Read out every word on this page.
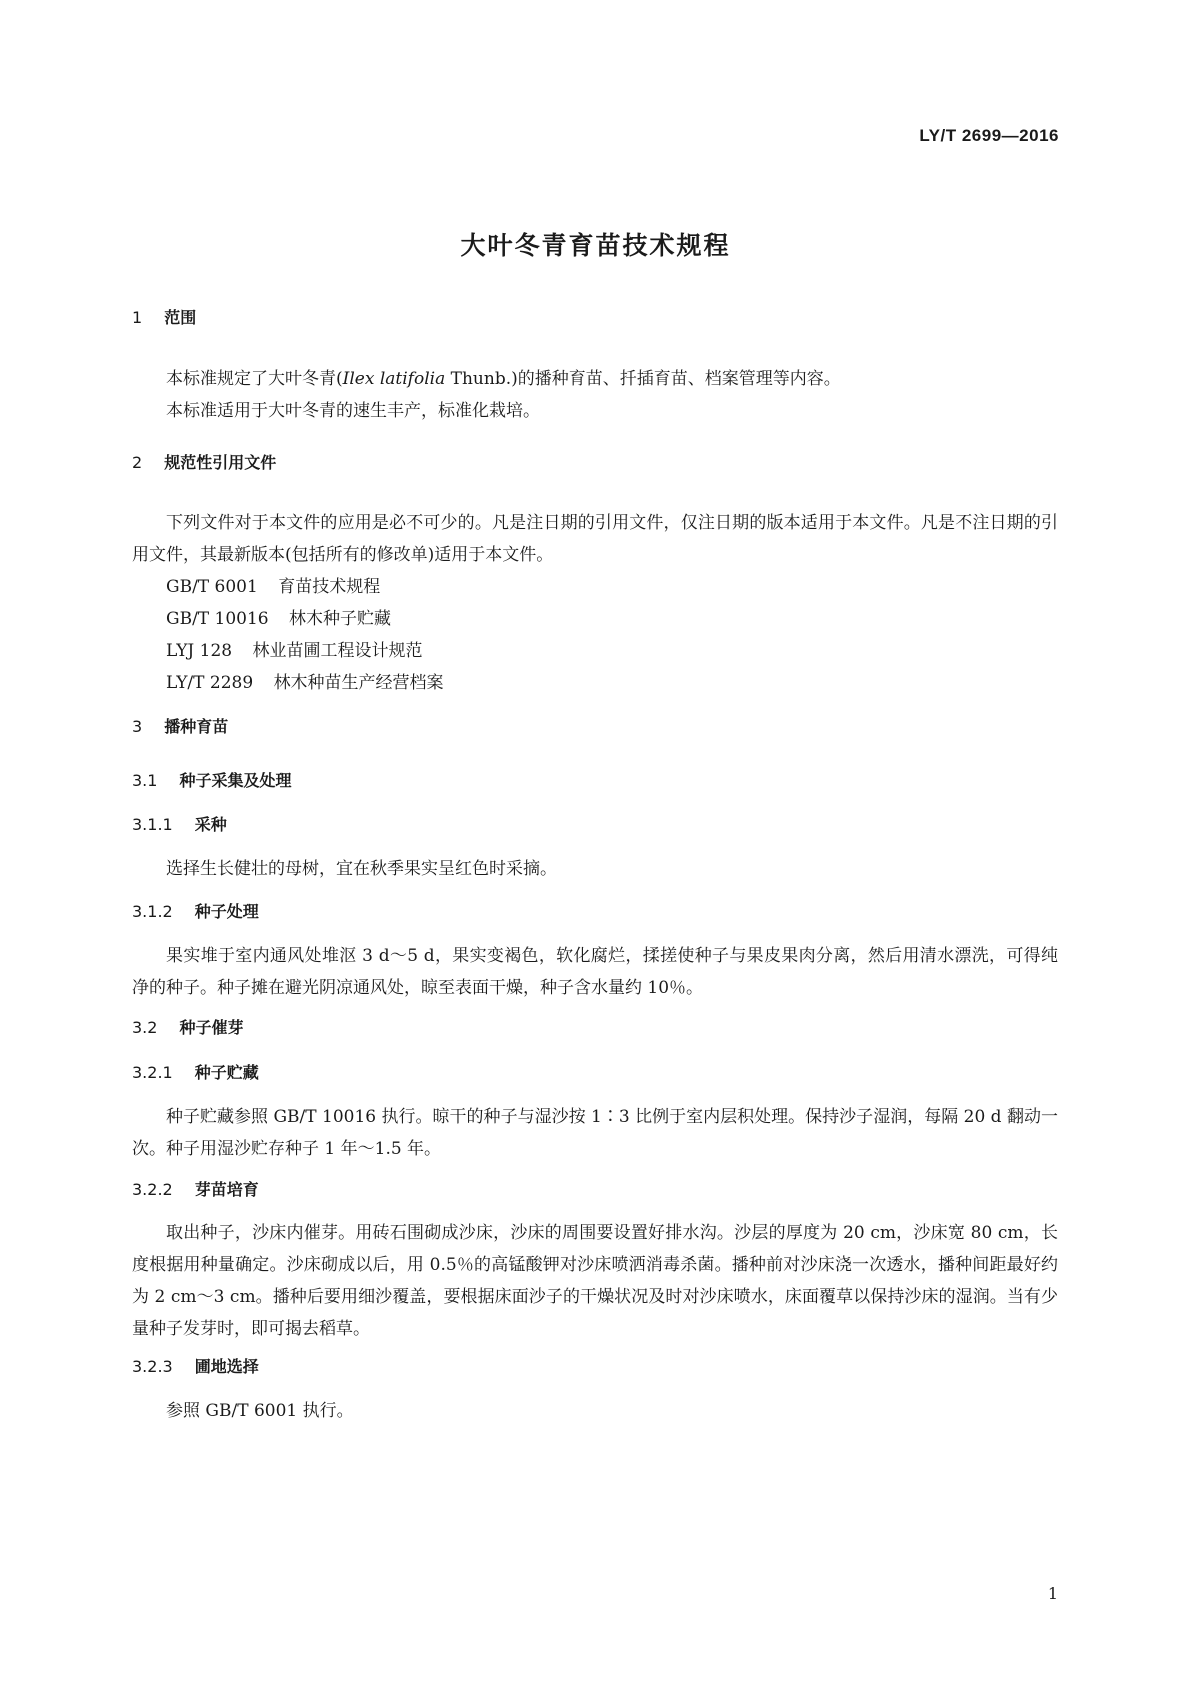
LY/T 2699—2016
大叶冬青育苗技术规程
1 范围

本标准规定了大叶冬青(Ilex latifolia Thunb.)的播种育苗、扦插育苗、档案管理等内容。

本标准适用于大叶冬青的速生丰产，标准化栽培。

2 规范性引用文件

下列文件对于本文件的应用是必不可少的。凡是注日期的引用文件，仅注日期的版本适用于本文件。凡是不注日期的引用文件，其最新版本(包括所有的修改单)适用于本文件。

GB/T 6001 育苗技术规程
GB/T 10016 林木种子贮藏
LYJ 128 林业苗圃工程设计规范
LY/T 2289 林木种苗生产经营档案
3 播种育苗
3.1 种子采集及处理
3.1.1 采种

选择生长健壮的母树，宜在秋季果实呈红色时采摘。

3.1.2 种子处理

果实堆于室内通风处堆沤 3 d～5 d，果实变褐色，软化腐烂，揉搓使种子与果皮果肉分离，然后用清水漂洗，可得纯净的种子。种子摊在避光阴凉通风处，晾至表面干燥，种子含水量约 10％。

3.2 种子催芽
3.2.1 种子贮藏

种子贮藏参照 GB/T 10016 执行。晾干的种子与湿沙按 1∶3 比例于室内层积处理。保持沙子湿润，每隔 20 d 翻动一次。种子用湿沙贮存种子 1 年～1.5 年。

3.2.2 芽苗培育

取出种子，沙床内催芽。用砖石围砌成沙床，沙床的周围要设置好排水沟。沙层的厚度为 20 cm，沙床宽 80 cm，长度根据用种量确定。沙床砌成以后，用 0.5％的高锰酸钾对沙床喷洒消毒杀菌。播种前对沙床浇一次透水，播种间距最好约为 2 cm～3 cm。播种后要用细沙覆盖，要根据床面沙子的干燥状况及时对沙床喷水，床面覆草以保持沙床的湿润。当有少量种子发芽时，即可揭去稻草。

3.2.3 圃地选择

参照 GB/T 6001 执行。

1
